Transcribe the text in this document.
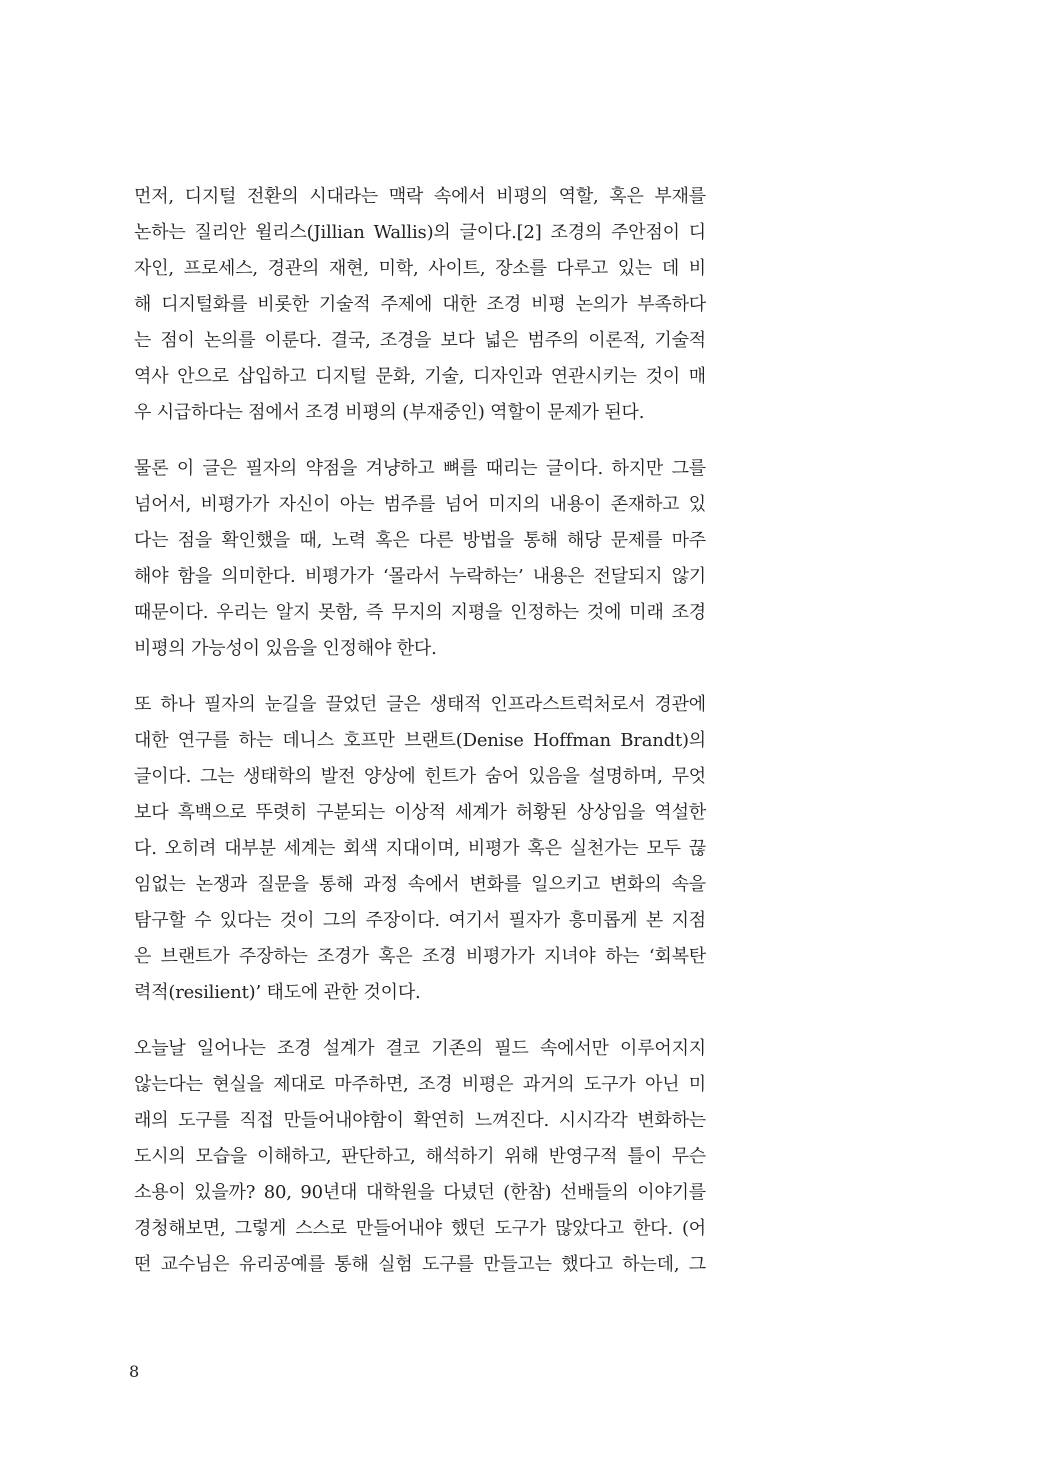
먼저, 디지털 전환의 시대라는 맥락 속에서 비평의 역할, 혹은 부재를
논하는 질리안 윌리스(Jillian Wallis)의 글이다.[2] 조경의 주안점이 디
자인, 프로세스, 경관의 재현, 미학, 사이트, 장소를 다루고 있는 데 비
해 디지털화를 비롯한 기술적 주제에 대한 조경 비평 논의가 부족하다
는 점이 논의를 이룬다. 결국, 조경을 보다 넓은 범주의 이론적, 기술적
역사 안으로 삽입하고 디지털 문화, 기술, 디자인과 연관시키는 것이 매
우 시급하다는 점에서 조경 비평의 (부재중인) 역할이 문제가 된다.
물론 이 글은 필자의 약점을 겨냥하고 뼈를 때리는 글이다. 하지만 그를
넘어서, 비평가가 자신이 아는 범주를 넘어 미지의 내용이 존재하고 있
다는 점을 확인했을 때, 노력 혹은 다른 방법을 통해 해당 문제를 마주
해야 함을 의미한다. 비평가가 ‘몰라서 누락하는’ 내용은 전달되지 않기
때문이다. 우리는 알지 못함, 즉 무지의 지평을 인정하는 것에 미래 조경
비평의 가능성이 있음을 인정해야 한다.
또 하나 필자의 눈길을 끌었던 글은 생태적 인프라스트럭처로서 경관에
대한 연구를 하는 데니스 호프만 브랜트(Denise Hoffman Brandt)의
글이다. 그는 생태학의 발전 양상에 힌트가 숨어 있음을 설명하며, 무엇
보다 흑백으로 뚜렷히 구분되는 이상적 세계가 허황된 상상임을 역설한
다. 오히려 대부분 세계는 회색 지대이며, 비평가 혹은 실천가는 모두 끊
임없는 논쟁과 질문을 통해 과정 속에서 변화를 일으키고 변화의 속을
탐구할 수 있다는 것이 그의 주장이다. 여기서 필자가 흥미롭게 본 지점
은 브랜트가 주장하는 조경가 혹은 조경 비평가가 지녀야 하는 ‘회복탄
력적(resilient)’ 태도에 관한 것이다.
오늘날 일어나는 조경 설계가 결코 기존의 필드 속에서만 이루어지지
않는다는 현실을 제대로 마주하면, 조경 비평은 과거의 도구가 아닌 미
래의 도구를 직접 만들어내야함이 확연히 느껴진다. 시시각각 변화하는
도시의 모습을 이해하고, 판단하고, 해석하기 위해 반영구적 틀이 무슨
소용이 있을까? 80, 90년대 대학원을 다녔던 (한참) 선배들의 이야기를
경청해보면, 그렇게 스스로 만들어내야 했던 도구가 많았다고 한다. (어
떤 교수님은 유리공예를 통해 실험 도구를 만들고는 했다고 하는데, 그
8
